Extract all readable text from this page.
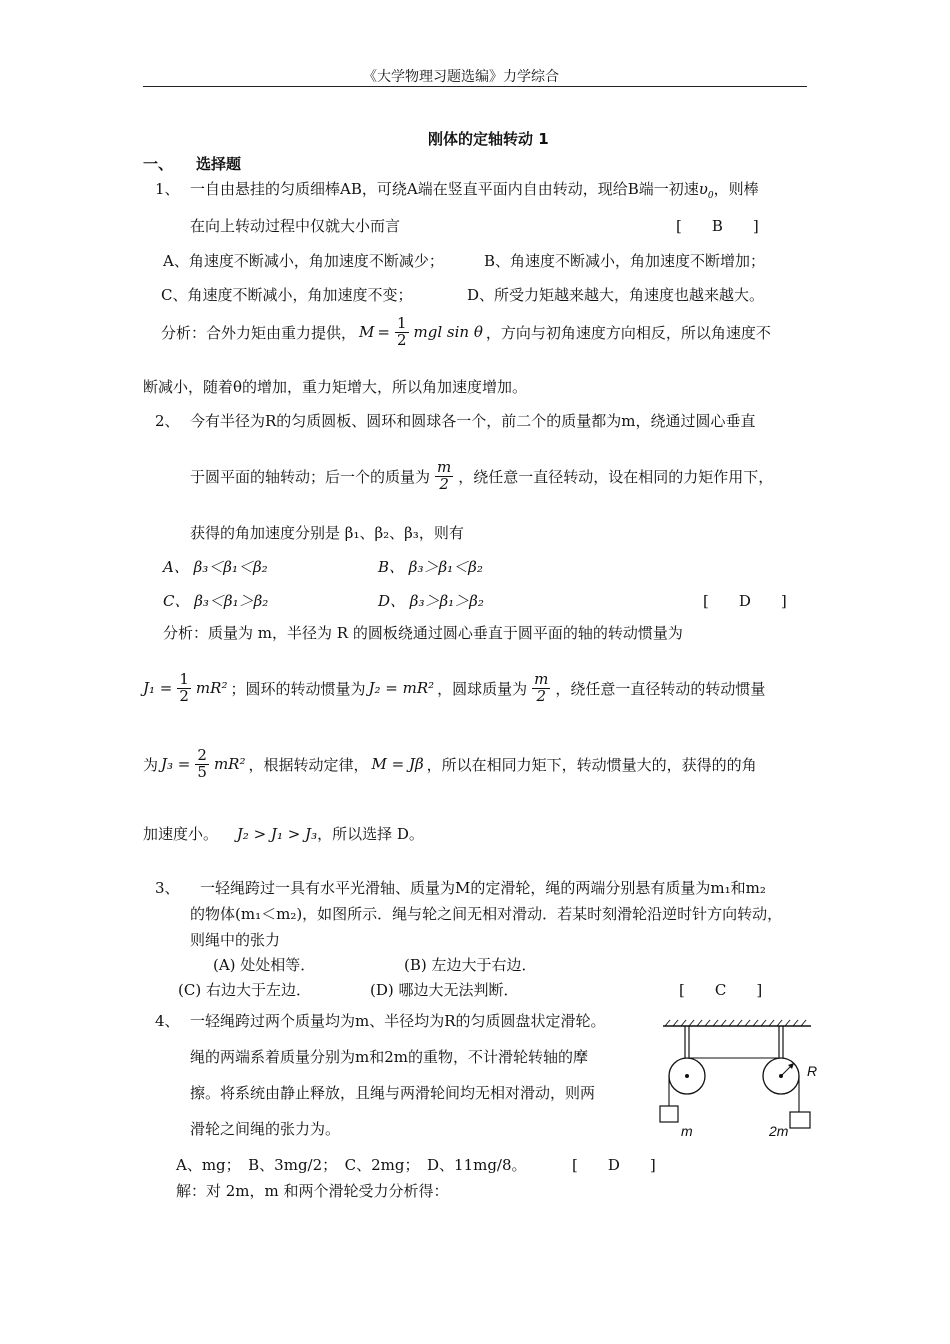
《大学物理习题选编》力学综合
刚体的定轴转动 1
一、 选择题
1、 一自由悬挂的匀质细棒AB，可绕A端在竖直平面内自由转动，现给B端一初速$\upsilon_0$，则棒
在向上转动过程中仅就大小而言	[　　B　　]
A、角速度不断减小，角加速度不断减少；	B、角速度不断减小，角加速度不断增加；
C、角速度不断减小，角加速度不变；	D、所受力矩越来越大，角速度也越来越大。
分析：合外力矩由重力提供， $M = \frac{1}{2}$ mgl sin θ ，方向与初角速度方向相反，所以角速度不
断减小，随着θ的增加，重力矩增大，所以角加速度增加。
2、 今有半径为R的匀质圆板、圆环和圆球各一个，前二个的质量都为m，绕通过圆心垂直
于圆平面的轴转动；后一个的质量为 $\frac{m}{2}$ ，绕任意一直径转动，设在相同的力矩作用下，
获得的角加速度分别是 β₁、β₂、β₃，则有
A、 β₃＜β₁＜β₂	B、 β₃＞β₁＜β₂
C、 β₃＜β₁＞β₂	D、 β₃＞β₁＞β₂	[　　D　　]
分析：质量为 m，半径为 R 的圆板绕通过圆心垂直于圆平面的轴的转动惯量为
$J_1 = \frac{1}{2} mR^2$ ；圆环的转动惯量为 J₂ = mR² ，圆球质量为 $\frac{m}{2}$ ，绕任意一直径转动的转动惯量
为 $J_3 = \frac{2}{5} mR^2$ ，根据转动定律， M = Jβ ，所以在相同力矩下，转动惯量大的，获得的的角
加速度小。 J₂ > J₁ > J₃，所以选择 D。
3、 一轻绳跨过一具有水平光滑轴、质量为M的定滑轮，绳的两端分别悬有质量为m₁和m₂
的物体(m₁＜m₂)，如图所示．绳与轮之间无相对滑动．若某时刻滑轮沿逆时针方向转动，
则绳中的张力
(A) 处处相等．	(B) 左边大于右边．
(C) 右边大于左边．	(D) 哪边大无法判断．	[　　C　　]
4、 一轻绳跨过两个质量均为m、半径均为R的匀质圆盘状定滑轮。
绳的两端系着质量分别为m和2m的重物，不计滑轮转轴的摩
擦。将系统由静止释放，且绳与两滑轮间均无相对滑动，则两
滑轮之间绳的张力为。
A、mg；　B、3mg/2；　C、2mg；　D、11mg/8。	[　　D　　]
解：对 2m，m 和两个滑轮受力分析得：
R
m	2m
